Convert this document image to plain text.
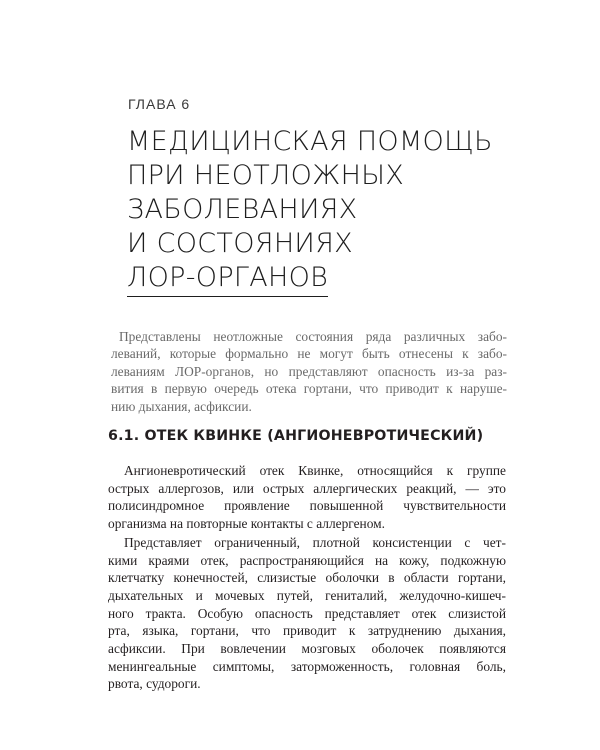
ГЛАВА 6
МЕДИЦИНСКАЯ ПОМОЩЬ
ПРИ НЕОТЛОЖНЫХ
ЗАБОЛЕВАНИЯХ
И СОСТОЯНИЯХ
ЛОР-ОРГАНОВ
Представлены неотложные состояния ряда различных забо-
леваний, которые формально не могут быть отнесены к забо-
леваниям ЛОР-органов, но представляют опасность из-за раз-
вития в первую очередь отека гортани, что приводит к наруше-
нию дыхания, асфиксии.
6.1. ОТЕК КВИНКЕ (АНГИОНЕВРОТИЧЕСКИЙ)
Ангионевротический отек Квинке, относящийся к группе
острых аллергозов, или острых аллергических реакций, — это
полисиндромное проявление повышенной чувствительности
организма на повторные контакты с аллергеном.
Представляет ограниченный, плотной консистенции с чет-
кими краями отек, распространяющийся на кожу, подкожную
клетчатку конечностей, слизистые оболочки в области гортани,
дыхательных и мочевых путей, гениталий, желудочно-кишеч-
ного тракта. Особую опасность представляет отек слизистой
рта, языка, гортани, что приводит к затруднению дыхания,
асфиксии. При вовлечении мозговых оболочек появляются
менингеальные симптомы, заторможенность, головная боль,
рвота, судороги.
